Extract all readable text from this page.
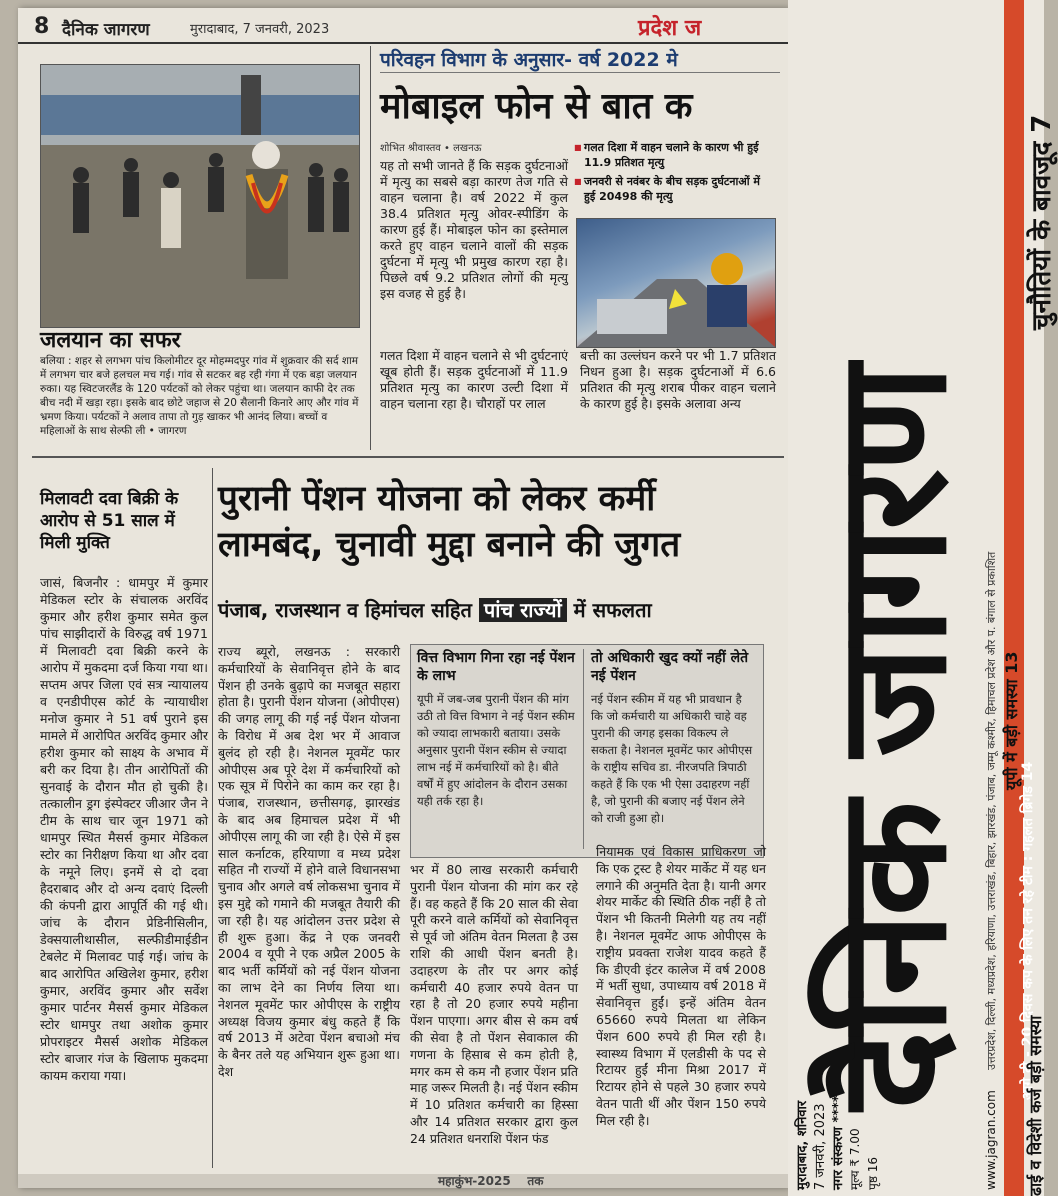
8 दैनिक जागरण	मुरादाबाद, 7 जनवरी, 2023	प्रदेश ज
जलयान का सफर
बलिया : शहर से लगभग पांच किलोमीटर दूर मोहम्मदपुर गांव में शुक्रवार की सर्द शाम में लगभग चार बजे हलचल मच गई। गांव से सटकर बह रही गंगा में एक बड़ा जलयान रुका। यह स्विटजरलैंड के 120 पर्यटकों को लेकर पहुंचा था। जलयान काफी देर तक बीच नदी में खड़ा रहा। इसके बाद छोटे जहाज से 20 सैलानी किनारे आए और गांव में भ्रमण किया। पर्यटकों ने अलाव तापा तो गुड़ खाकर भी आनंद लिया। बच्चों व महिलाओं के साथ सेल्फी ली • जागरण
परिवहन विभाग के अनुसार- वर्ष 2022 मे
मोबाइल फोन से बात क
शोभित श्रीवास्तव • लखनऊ
यह तो सभी जानते हैं कि सड़क दुर्घटनाओं में मृत्यु का सबसे बड़ा कारण तेज गति से वाहन चलाना है। वर्ष 2022 में कुल 38.4 प्रतिशत मृत्यु ओवर-स्पीडिंग के कारण हुई हैं। मोबाइल फोन का इस्तेमाल करते हुए वाहन चलाने वालों की सड़क दुर्घटना में मृत्यु भी प्रमुख कारण रहा है। पिछले वर्ष 9.2 प्रतिशत लोगों की मृत्यु इस वजह से हुई है।
गलत दिशा में वाहन चलाने से भी दुर्घटनाएं खूब होती हैं। सड़क दुर्घटनाओं में 11.9 प्रतिशत मृत्यु का कारण उल्टी दिशा में वाहन चलाना रहा है। चौराहों पर लाल
■ गलत दिशा में वाहन चलाने के कारण भी हुई 11.9 प्रतिशत मृत्यु
■ जनवरी से नवंबर के बीच सड़क दुर्घटनाओं में हुई 20498 की मृत्यु
बत्ती का उल्लंघन करने पर भी 1.7 प्रतिशत निधन हुआ है। सड़क दुर्घटनाओं में 6.6 प्रतिशत की मृत्यु शराब पीकर वाहन चलाने के कारण हुई है। इसके अलावा अन्य
मिलावटी दवा बिक्री के आरोप से 51 साल में मिली मुक्ति
जासं, बिजनौर : धामपुर में कुमार मेडिकल स्टोर के संचालक अरविंद कुमार और हरीश कुमार समेत कुल पांच साझीदारों के विरुद्ध वर्ष 1971 में मिलावटी दवा बिक्री करने के आरोप में मुकदमा दर्ज किया गया था। सप्तम अपर जिला एवं सत्र न्यायालय व एनडीपीएस कोर्ट के न्यायाधीश मनोज कुमार ने 51 वर्ष पुराने इस मामले में आरोपित अरविंद कुमार और हरीश कुमार को साक्ष्य के अभाव में बरी कर दिया है। तीन आरोपितों की सुनवाई के दौरान मौत हो चुकी है। तत्कालीन ड्रग इंस्पेक्टर जीआर जैन ने टीम के साथ चार जून 1971 को धामपुर स्थित मैसर्स कुमार मेडिकल स्टोर का निरीक्षण किया था और दवा के नमूने लिए। इनमें से दो दवा हैदराबाद और दो अन्य दवाएं दिल्ली की कंपनी द्वारा आपूर्ति की गई थी। जांच के दौरान प्रेडिनीसिलीन, डेक्सयालीथासील, सल्फीडीमाईडीन टेबलेट में मिलावट पाई गई। जांच के बाद आरोपित अखिलेश कुमार, हरीश कुमार, अरविंद कुमार और सर्वेश कुमार पार्टनर मैसर्स कुमार मेडिकल स्टोर धामपुर तथा अशोक कुमार प्रोपराइटर मैसर्स अशोक मेडिकल स्टोर बाजार गंज के खिलाफ मुकदमा कायम कराया गया।
पुरानी पेंशन योजना को लेकर कर्मी लामबंद, चुनावी मुद्दा बनाने की जुगत
पंजाब, राजस्थान व हिमांचल सहित पांच राज्यों में सफलता
राज्य ब्यूरो, लखनऊ : सरकारी कर्मचारियों के सेवानिवृत्त होने के बाद पेंशन ही उनके बुढ़ापे का मजबूत सहारा होता है। पुरानी पेंशन योजना (ओपीएस) की जगह लागू की गई नई पेंशन योजना के विरोध में अब देश भर में आवाज बुलंद हो रही है। नेशनल मूवमेंट फार ओपीएस अब पूरे देश में कर्मचारियों को एक सूत्र में पिरोने का काम कर रहा है। पंजाब, राजस्थान, छत्तीसगढ़, झारखंड के बाद अब हिमाचल प्रदेश में भी ओपीएस लागू की जा रही है। ऐसे में इस साल कर्नाटक, हरियाणा व मध्य प्रदेश सहित नौ राज्यों में होने वाले विधानसभा चुनाव और अगले वर्ष लोकसभा चुनाव में इस मुद्दे को गमाने की मजबूत तैयारी की जा रही है। यह आंदोलन उत्तर प्रदेश से ही शुरू हुआ। केंद्र ने एक जनवरी 2004 व यूपी ने एक अप्रैल 2005 के बाद भर्ती कर्मियों को नई पेंशन योजना का लाभ देने का निर्णय लिया था। नेशनल मूवमेंट फार ओपीएस के राष्ट्रीय अध्यक्ष विजय कुमार बंधु कहते हैं कि वर्ष 2013 में अटेवा पेंशन बचाओ मंच के बैनर तले यह अभियान शुरू हुआ था। देश
वित्त विभाग गिना रहा नई पेंशन के लाभ
यूपी में जब-जब पुरानी पेंशन की मांग उठी तो वित्त विभाग ने नई पेंशन स्कीम को ज्यादा लाभकारी बताया। उसके अनुसार पुरानी पेंशन स्कीम से ज्यादा लाभ नई में कर्मचारियों को है। बीते वर्षों में हुए आंदोलन के दौरान उसका यही तर्क रहा है।
तो अधिकारी खुद क्यों नहीं लेते नई पेंशन
नई पेंशन स्कीम में यह भी प्रावधान है कि जो कर्मचारी या अधिकारी चाहे वह पुरानी की जगह इसका विकल्प ले सकता है। नेशनल मूवमेंट फार ओपीएस के राष्ट्रीय सचिव डा. नीरजपति त्रिपाठी कहते हैं कि एक भी ऐसा उदाहरण नहीं है, जो पुरानी की बजाए नई पेंशन लेने को राजी हुआ हो।
भर में 80 लाख सरकारी कर्मचारी पुरानी पेंशन योजना की मांग कर रहे हैं। वह कहते हैं कि 20 साल की सेवा पूरी करने वाले कर्मियों को सेवानिवृत्त से पूर्व जो अंतिम वेतन मिलता है उस राशि की आधी पेंशन बनती है। उदाहरण के तौर पर अगर कोई कर्मचारी 40 हजार रुपये वेतन पा रहा है तो 20 हजार रुपये महीना पेंशन पाएगा। अगर बीस से कम वर्ष की सेवा है तो पेंशन सेवाकाल की गणना के हिसाब से कम होती है, मगर कम से कम नौ हजार पेंशन प्रति माह जरूर मिलती है। नई पेंशन स्कीम में 10 प्रतिशत कर्मचारी का हिस्सा और 14 प्रतिशत सरकार द्वारा कुल 24 प्रतिशत धनराशि पेंशन फंड
नियामक एवं विकास प्राधिकरण जो कि एक ट्रस्ट है शेयर मार्केट में यह धन लगाने की अनुमति देता है। यानी अगर शेयर मार्केट की स्थिति ठीक नहीं है तो पेंशन भी कितनी मिलेगी यह तय नहीं है। नेशनल मूवमेंट आफ ओपीएस के राष्ट्रीय प्रवक्ता राजेश यादव कहते हैं कि डीएवी इंटर कालेज में वर्ष 2008 में भर्ती सुधा, उपाध्याय वर्ष 2018 में सेवानिवृत्त हुईं। इन्हें अंतिम वेतन 65660 रुपये मिलता था लेकिन पेंशन 600 रुपये ही मिल रही है। स्वास्थ्य विभाग में एलडीसी के पद से रिटायर हुईं मीना मिश्रा 2017 में रिटायर होने से पहले 30 हजार रुपये वेतन पाती थीं और पेंशन 150 रुपये मिल रही है।
महाकुंभ-2025 तक
दैनिक जागरण	आगे दी - 20 दिवस कप के लिए तन रहे टीम : गहलत ब्रिगेड 14
उत्तरप्रदेश, दिल्ली, मध्यप्रदेश, हरियाणा, उत्तराखंड, बिहार, झारखंड, पंजाब, जम्मू कश्मीर, हिमाचल प्रदेश और प. बंगाल से प्रकाशित
चुनौतियों के बावजूद 7
यूपी में बड़ी समस्या 13
ढाई व विदेशी कर्ज बड़ी समस्या
मुरादाबाद, शनिवार 7 जनवरी, 2023 नगर संस्करण **** मूल्य ₹ 7.00 पृष्ठ 16	www.jagran.com
